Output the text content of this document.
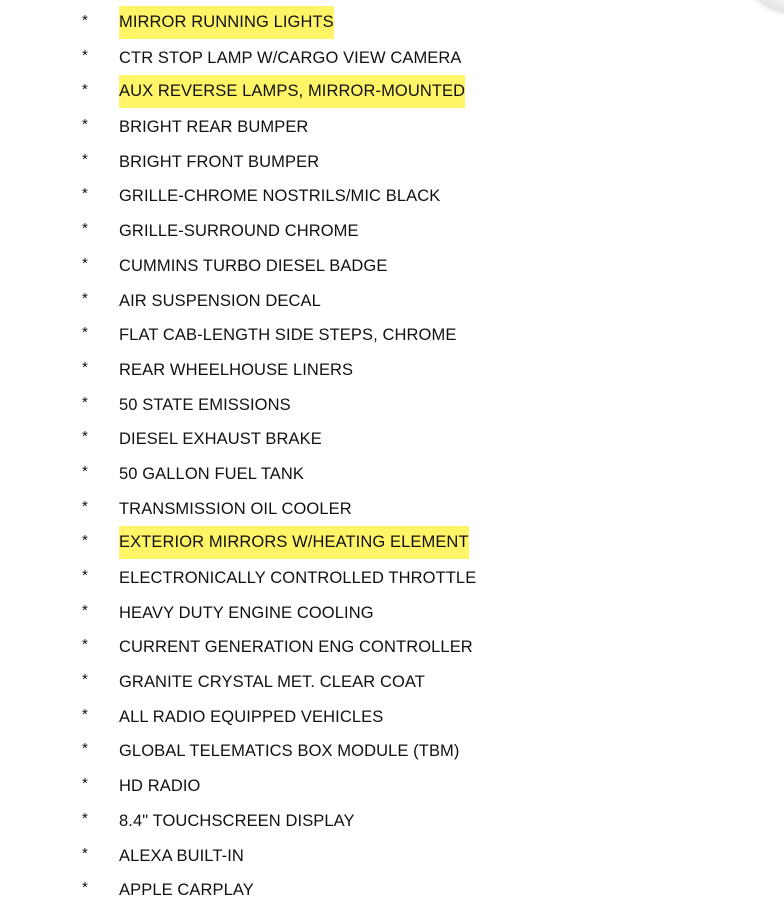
* MIRROR RUNNING LIGHTS
* CTR STOP LAMP W/CARGO VIEW CAMERA
* AUX REVERSE LAMPS, MIRROR-MOUNTED
* BRIGHT REAR BUMPER
* BRIGHT FRONT BUMPER
* GRILLE-CHROME NOSTRILS/MIC BLACK
* GRILLE-SURROUND CHROME
* CUMMINS TURBO DIESEL BADGE
* AIR SUSPENSION DECAL
* FLAT CAB-LENGTH SIDE STEPS, CHROME
* REAR WHEELHOUSE LINERS
* 50 STATE EMISSIONS
* DIESEL EXHAUST BRAKE
* 50 GALLON FUEL TANK
* TRANSMISSION OIL COOLER
* EXTERIOR MIRRORS W/HEATING ELEMENT
* ELECTRONICALLY CONTROLLED THROTTLE
* HEAVY DUTY ENGINE COOLING
* CURRENT GENERATION ENG CONTROLLER
* GRANITE CRYSTAL MET. CLEAR COAT
* ALL RADIO EQUIPPED VEHICLES
* GLOBAL TELEMATICS BOX MODULE (TBM)
* HD RADIO
* 8.4" TOUCHSCREEN DISPLAY
* ALEXA BUILT-IN
* APPLE CARPLAY
